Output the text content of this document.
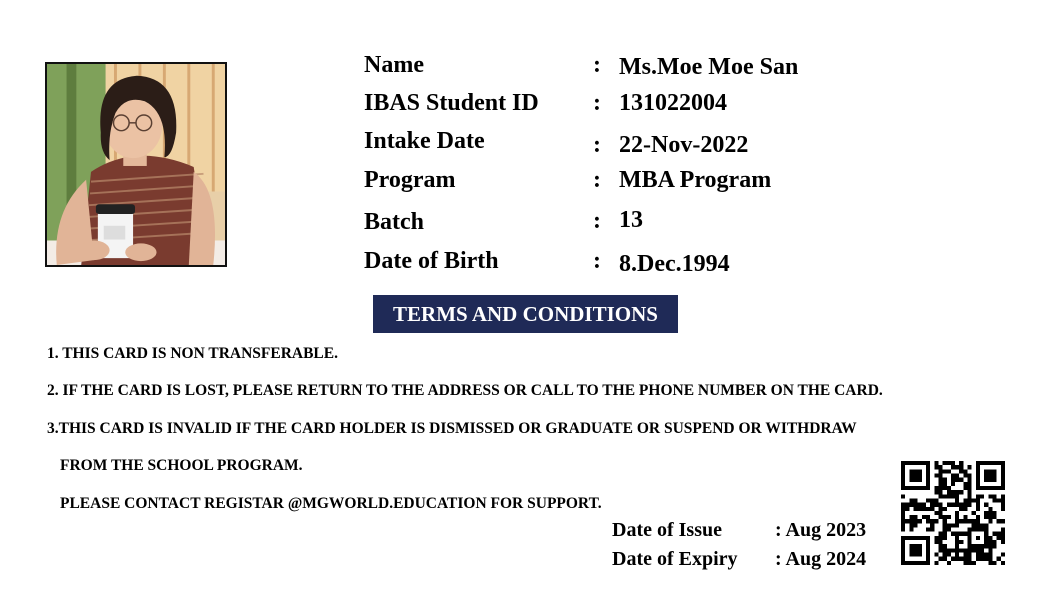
Name	: Ms.Moe Moe San
IBAS Student ID : 131022004
Intake Date	: 22-Nov-2022
Program	: MBA Program
Batch	: 13
Date of Birth	: 8.Dec.1994
TERMS AND CONDITIONS
1. THIS CARD IS NON TRANSFERABLE.
2. IF THE CARD IS LOST, PLEASE RETURN TO THE ADDRESS OR CALL TO THE PHONE NUMBER ON THE CARD.
3.THIS CARD IS INVALID IF THE CARD HOLDER IS DISMISSED OR GRADUATE OR SUSPEND OR WITHDRAW
FROM THE SCHOOL PROGRAM.
PLEASE CONTACT REGISTAR @MGWORLD.EDUCATION FOR SUPPORT.
Date of Issue	: Aug 2023
Date of Expiry : Aug 2024
